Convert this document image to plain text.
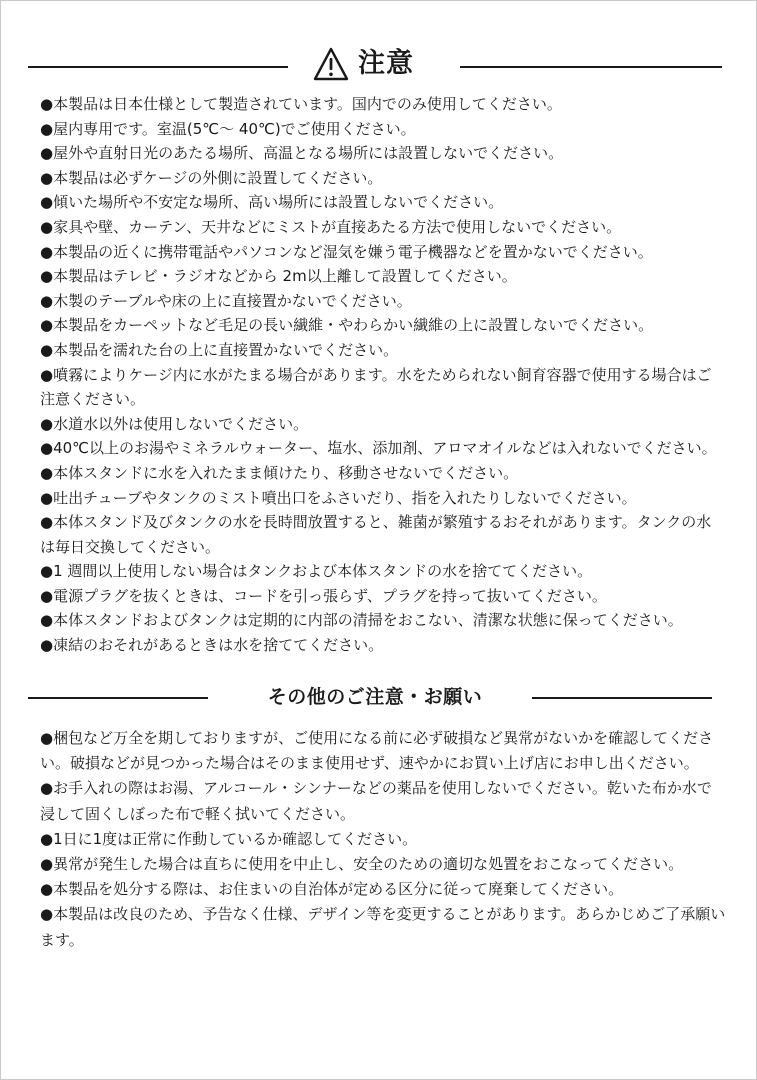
注意

●本製品は日本仕様として製造されています。国内でのみ使用してください。

●屋内専用です。室温(5℃～ 40℃)でご使用ください。

●屋外や直射日光のあたる場所、高温となる場所には設置しないでください。

●本製品は必ずケージの外側に設置してください。

●傾いた場所や不安定な場所、高い場所には設置しないでください。

●家具や壁、カーテン、天井などにミストが直接あたる方法で使用しないでください。

●本製品の近くに携帯電話やパソコンなど湿気を嫌う電子機器などを置かないでください。

●本製品はテレビ・ラジオなどから 2m以上離して設置してください。

●木製のテーブルや床の上に直接置かないでください。

●本製品をカーペットなど毛足の長い繊維・やわらかい繊維の上に設置しないでください。

●本製品を濡れた台の上に直接置かないでください。

●噴霧によりケージ内に水がたまる場合があります。水をためられない飼育容器で使用する場合はご注意ください。

●水道水以外は使用しないでください。

●40℃以上のお湯やミネラルウォーター、塩水、添加剤、アロマオイルなどは入れないでください。

●本体スタンドに水を入れたまま傾けたり、移動させないでください。

●吐出チューブやタンクのミスト噴出口をふさいだり、指を入れたりしないでください。

●本体スタンド及びタンクの水を長時間放置すると、雑菌が繁殖するおそれがあります。タンクの水は毎日交換してください。

●1 週間以上使用しない場合はタンクおよび本体スタンドの水を捨ててください。

●電源プラグを抜くときは、コードを引っ張らず、プラグを持って抜いてください。

●本体スタンドおよびタンクは定期的に内部の清掃をおこない、清潔な状態に保ってください。

●凍結のおそれがあるときは水を捨ててください。

その他のご注意・お願い

●梱包など万全を期しておりますが、ご使用になる前に必ず破損など異常がないかを確認してください。破損などが見つかった場合はそのまま使用せず、速やかにお買い上げ店にお申し出ください。

●お手入れの際はお湯、アルコール・シンナーなどの薬品を使用しないでください。乾いた布か水で浸して固くしぼった布で軽く拭いてください。

●1日に1度は正常に作動しているか確認してください。

●異常が発生した場合は直ちに使用を中止し、安全のための適切な処置をおこなってください。

●本製品を処分する際は、お住まいの自治体が定める区分に従って廃棄してください。

●本製品は改良のため、予告なく仕様、デザイン等を変更することがあります。あらかじめご了承願います。
